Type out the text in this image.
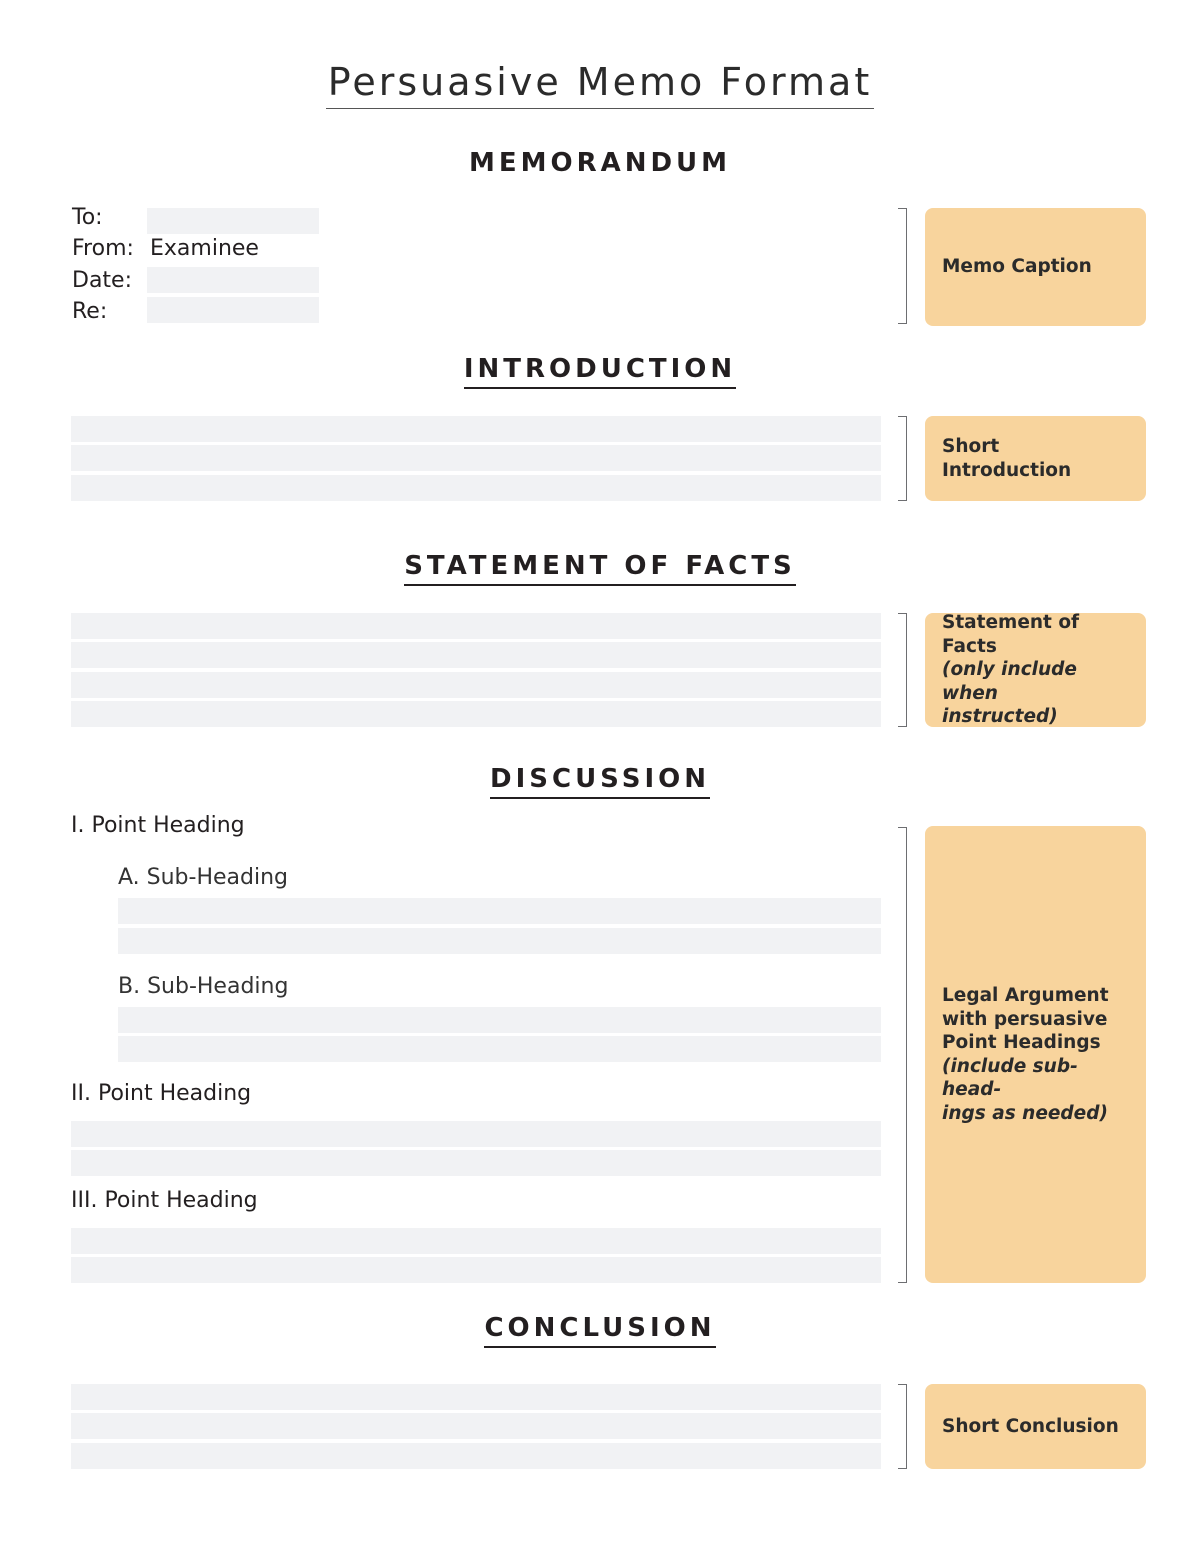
Persuasive Memo Format
MEMORANDUM
To:
From: Examinee
Date:
Re:
Memo Caption
INTRODUCTION
Short
Introduction
STATEMENT OF FACTS
Statement of Facts
(only include when
instructed)
DISCUSSION
I. Point Heading
A. Sub-Heading
B. Sub-Heading
II. Point Heading
III. Point Heading
Legal Argument
with persuasive
Point Headings
(include sub-head-
ings as needed)
CONCLUSION
Short Conclusion
